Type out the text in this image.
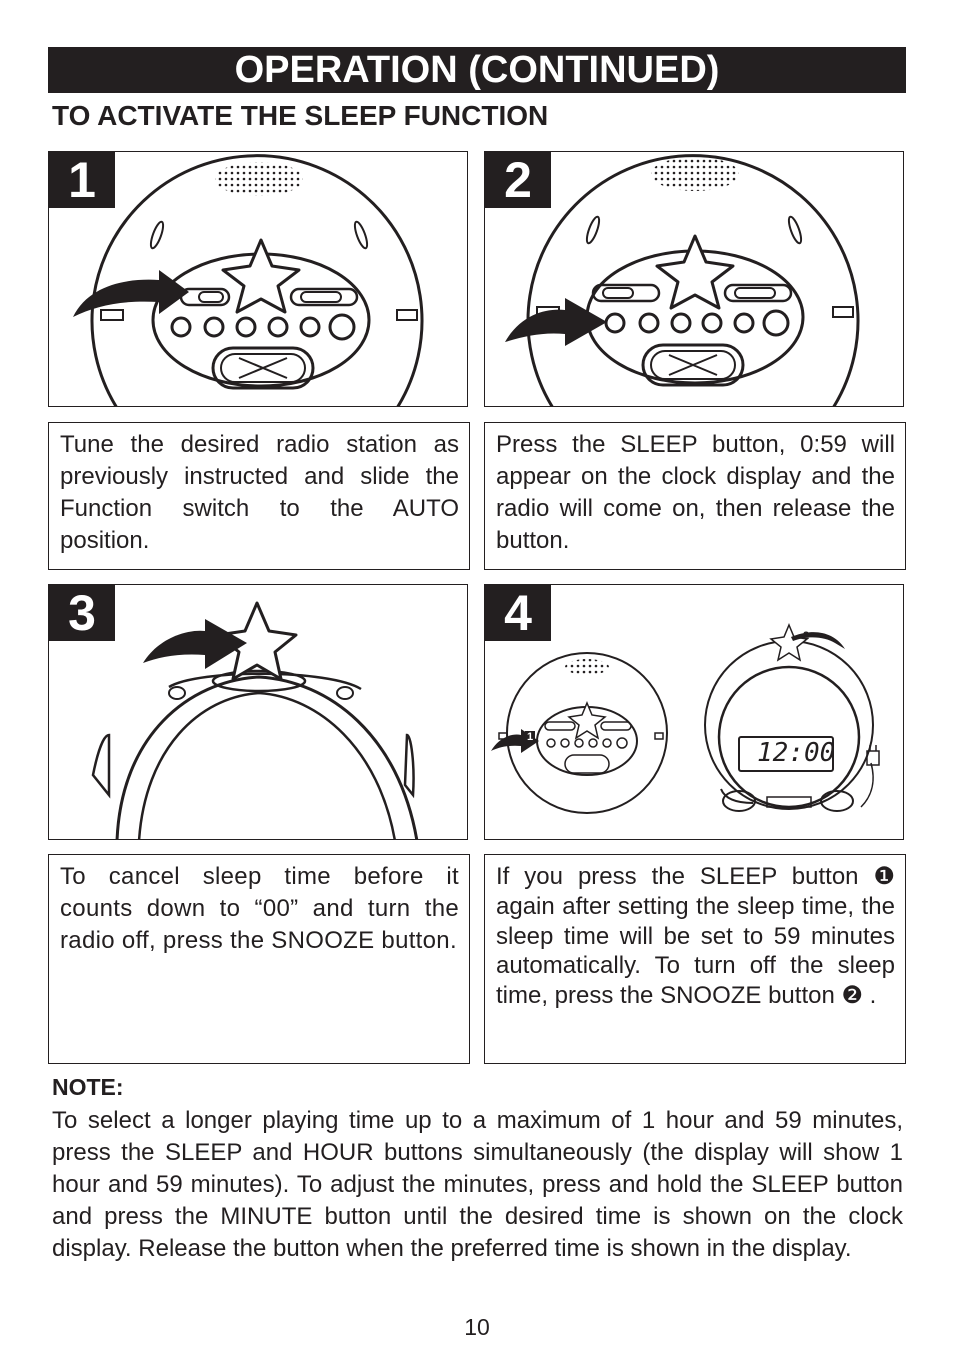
OPERATION (CONTINUED)
TO ACTIVATE THE SLEEP FUNCTION
1	2
Tune the desired radio station as previously instructed and slide the Function switch to the AUTO position.
Press the SLEEP button, 0:59 will appear on the clock display and the radio will come on, then release the button.
3	4
1
2
12:00
To cancel sleep time before it counts down to “00” and turn the radio off, press the SNOOZE button.
If you press the SLEEP button ❶ again after setting the sleep time, the sleep time will be set to 59 minutes automatically. To turn off the sleep time, press the SNOOZE button ❷ .
NOTE:
To select a longer playing time up to a maximum of 1 hour and 59 minutes, press the SLEEP and HOUR buttons simultaneously (the display will show 1 hour and 59 minutes). To adjust the minutes, press and hold the SLEEP button and press the MINUTE button until the desired time is shown on the clock display. Release the button when the preferred time is shown in the display.
10
